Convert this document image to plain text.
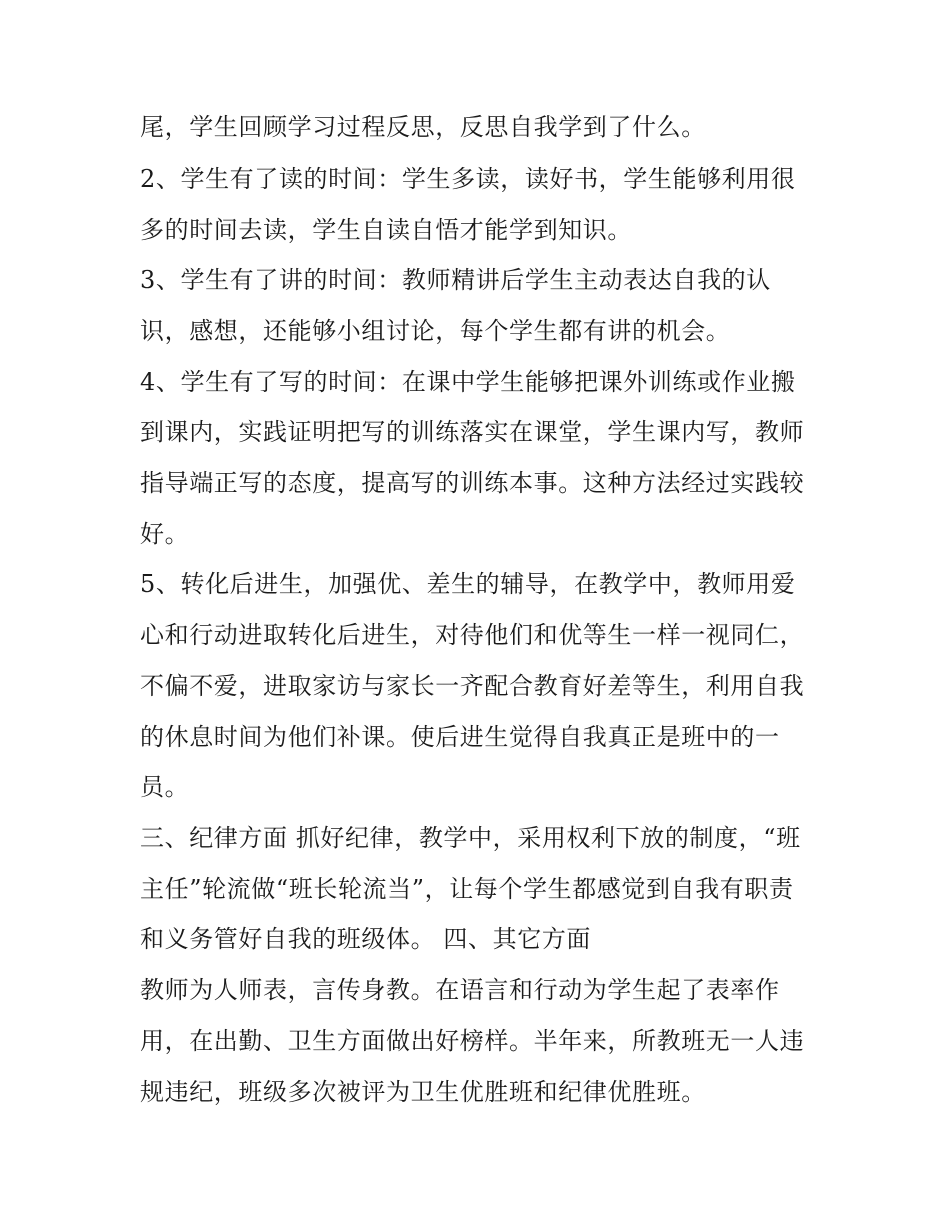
尾，学生回顾学习过程反思，反思自我学到了什么。
2、学生有了读的时间：学生多读，读好书，学生能够利用很
多的时间去读，学生自读自悟才能学到知识。
3、学生有了讲的时间：教师精讲后学生主动表达自我的认
识，感想，还能够小组讨论，每个学生都有讲的机会。
4、学生有了写的时间：在课中学生能够把课外训练或作业搬
到课内，实践证明把写的训练落实在课堂，学生课内写，教师
指导端正写的态度，提高写的训练本事。这种方法经过实践较
好。
5、转化后进生，加强优、差生的辅导，在教学中，教师用爱
心和行动进取转化后进生，对待他们和优等生一样一视同仁，
不偏不爱，进取家访与家长一齐配合教育好差等生，利用自我
的休息时间为他们补课。使后进生觉得自我真正是班中的一
员。
三、纪律方面 抓好纪律，教学中，采用权利下放的制度，“班
主任”轮流做“班长轮流当”，让每个学生都感觉到自我有职责
和义务管好自我的班级体。 四、其它方面
教师为人师表，言传身教。在语言和行动为学生起了表率作
用，在出勤、卫生方面做出好榜样。半年来，所教班无一人违
规违纪，班级多次被评为卫生优胜班和纪律优胜班。
